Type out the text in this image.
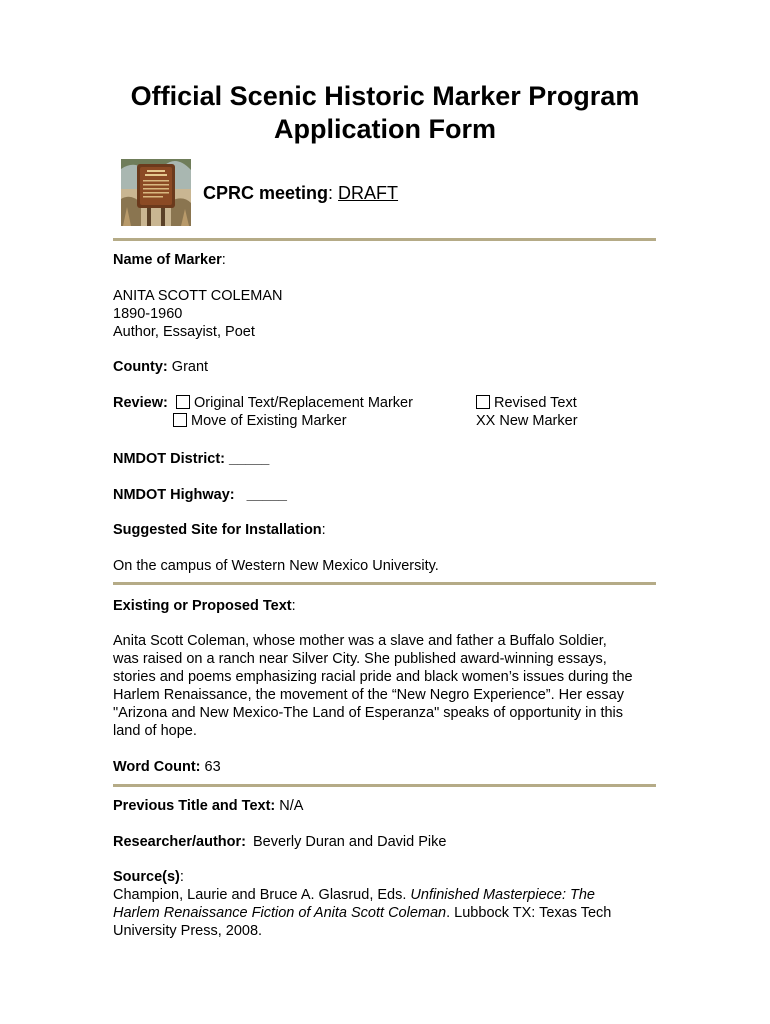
Official Scenic Historic Marker Program
Application Form
CPRC meeting: DRAFT
Name of Marker:
ANITA SCOTT COLEMAN
1890-1960
Author, Essayist, Poet
County: Grant
Review:	Original Text/Replacement Marker
Move of Existing Marker
Revised Text
XX New Marker
NMDOT District: _____
NMDOT Highway: _____
Suggested Site for Installation:
On the campus of Western New Mexico University.
Existing or Proposed Text:
Anita Scott Coleman, whose mother was a slave and father a Buffalo Soldier,
was raised on a ranch near Silver City. She published award-winning essays,
stories and poems emphasizing racial pride and black women’s issues during the
Harlem Renaissance, the movement of the “New Negro Experience”. Her essay
"Arizona and New Mexico-The Land of Esperanza" speaks of opportunity in this
land of hope.
Word Count: 63
Previous Title and Text: N/A
Researcher/author: Beverly Duran and David Pike
Source(s):
Champion, Laurie and Bruce A. Glasrud, Eds. Unfinished Masterpiece: The
Harlem Renaissance Fiction of Anita Scott Coleman. Lubbock TX: Texas Tech
University Press, 2008.
